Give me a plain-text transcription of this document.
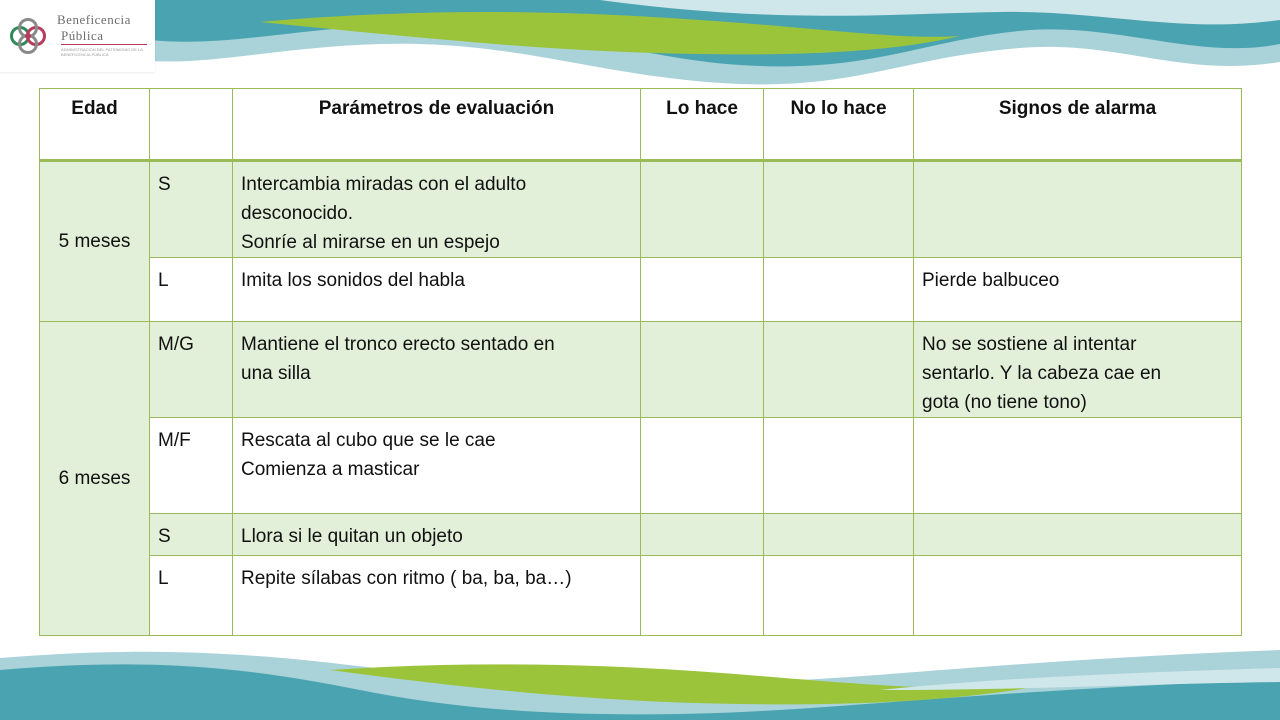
Beneficencia
Pública
ADMINISTRACIÓN DEL PATRIMONIO DE LA BENEFICENCIA PÚBLICA
Edad		Parámetros de evaluación	Lo hace	No lo hace	Signos de alarma
5 meses	S	Intercambia miradas con el adulto
desconocido.
Sonríe al mirarse en un espejo			

	L	Imita los sonidos del habla			Pierde balbuceo

6 meses	M/G	Mantiene el tronco erecto sentado en
una silla			No se sostiene al intentar
sentarlo. Y la cabeza cae en
gota (no tiene tono)

	M/F	Rescata al cubo que se le cae
Comienza a masticar			

	S	Llora si le quitan un objeto			

	L	Repite sílabas con ritmo ( ba, ba, ba…)			
